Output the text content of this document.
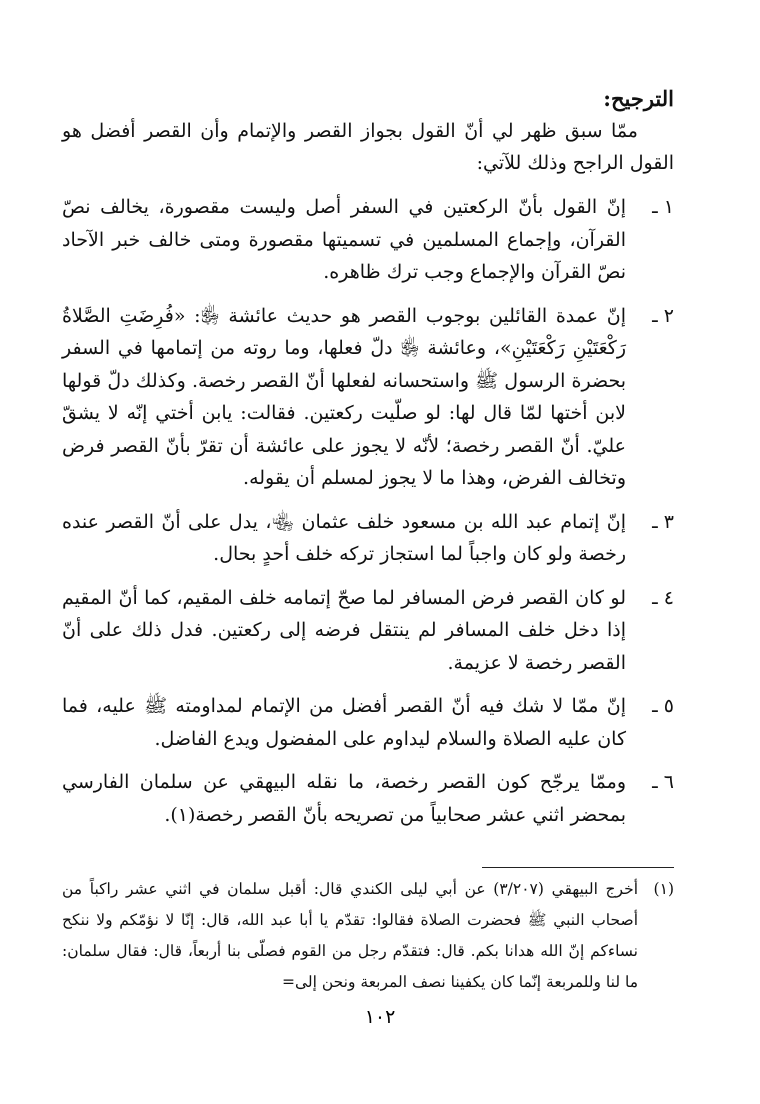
الترجيح:

ممّا سبق ظهر لي أنّ القول بجواز القصر والإتمام وأن القصر أفضل هو القول الراجح وذلك للآتي:

١ ـ
إنّ القول بأنّ الركعتين في السفر أصل وليست مقصورة، يخالف نصّ القرآن، وإجماع المسلمين في تسميتها مقصورة ومتى خالف خبر الآحاد نصّ القرآن والإجماع وجب ترك ظاهره.
٢ ـ
إنّ عمدة القائلين بوجوب القصر هو حديث عائشة ﵂: «فُرِضَتِ الصَّلاةُ رَكْعَتَيْنِ رَكْعَتَيْنِ»، وعائشة ﵂ دلّ فعلها، وما روته من إتمامها في السفر بحضرة الرسول ﷺ واستحسانه لفعلها أنّ القصر رخصة. وكذلك دلّ قولها لابن أختها لمّا قال لها: لو صلّيت ركعتين. فقالت: يابن أختي إنّه لا يشقّ عليّ. أنّ القصر رخصة؛ لأنّه لا يجوز على عائشة أن تقرّ بأنّ القصر فرض وتخالف الفرض، وهذا ما لا يجوز لمسلم أن يقوله.
٣ ـ
إنّ إتمام عبد الله بن مسعود خلف عثمان ﵄، يدل على أنّ القصر عنده رخصة ولو كان واجباً لما استجاز تركه خلف أحدٍ بحال.
٤ ـ
لو كان القصر فرض المسافر لما صحّ إتمامه خلف المقيم، كما أنّ المقيم إذا دخل خلف المسافر لم ينتقل فرضه إلى ركعتين. فدل ذلك على أنّ القصر رخصة لا عزيمة.
٥ ـ
إنّ ممّا لا شك فيه أنّ القصر أفضل من الإتمام لمداومته ﷺ عليه، فما كان عليه الصلاة والسلام ليداوم على المفضول ويدع الفاضل.
٦ ـ
وممّا يرجّح كون القصر رخصة، ما نقله البيهقي عن سلمان الفارسي بمحضر اثني عشر صحابياً من تصريحه بأنّ القصر رخصة(١).
(١)
أخرج البيهقي (٣/٢٠٧) عن أبي ليلى الكندي قال: أقبل سلمان في اثني عشر راكباً من أصحاب النبي ﷺ فحضرت الصلاة فقالوا: تقدّم يا أبا عبد الله، قال: إنّا لا نؤمّكم ولا ننكح نساءكم إنّ الله هدانا بكم. قال: فتقدّم رجل من القوم فصلّى بنا أربعاً، قال: فقال سلمان: ما لنا وللمربعة إنّما كان يكفينا نصف المربعة ونحن إلى=
١٠٢
